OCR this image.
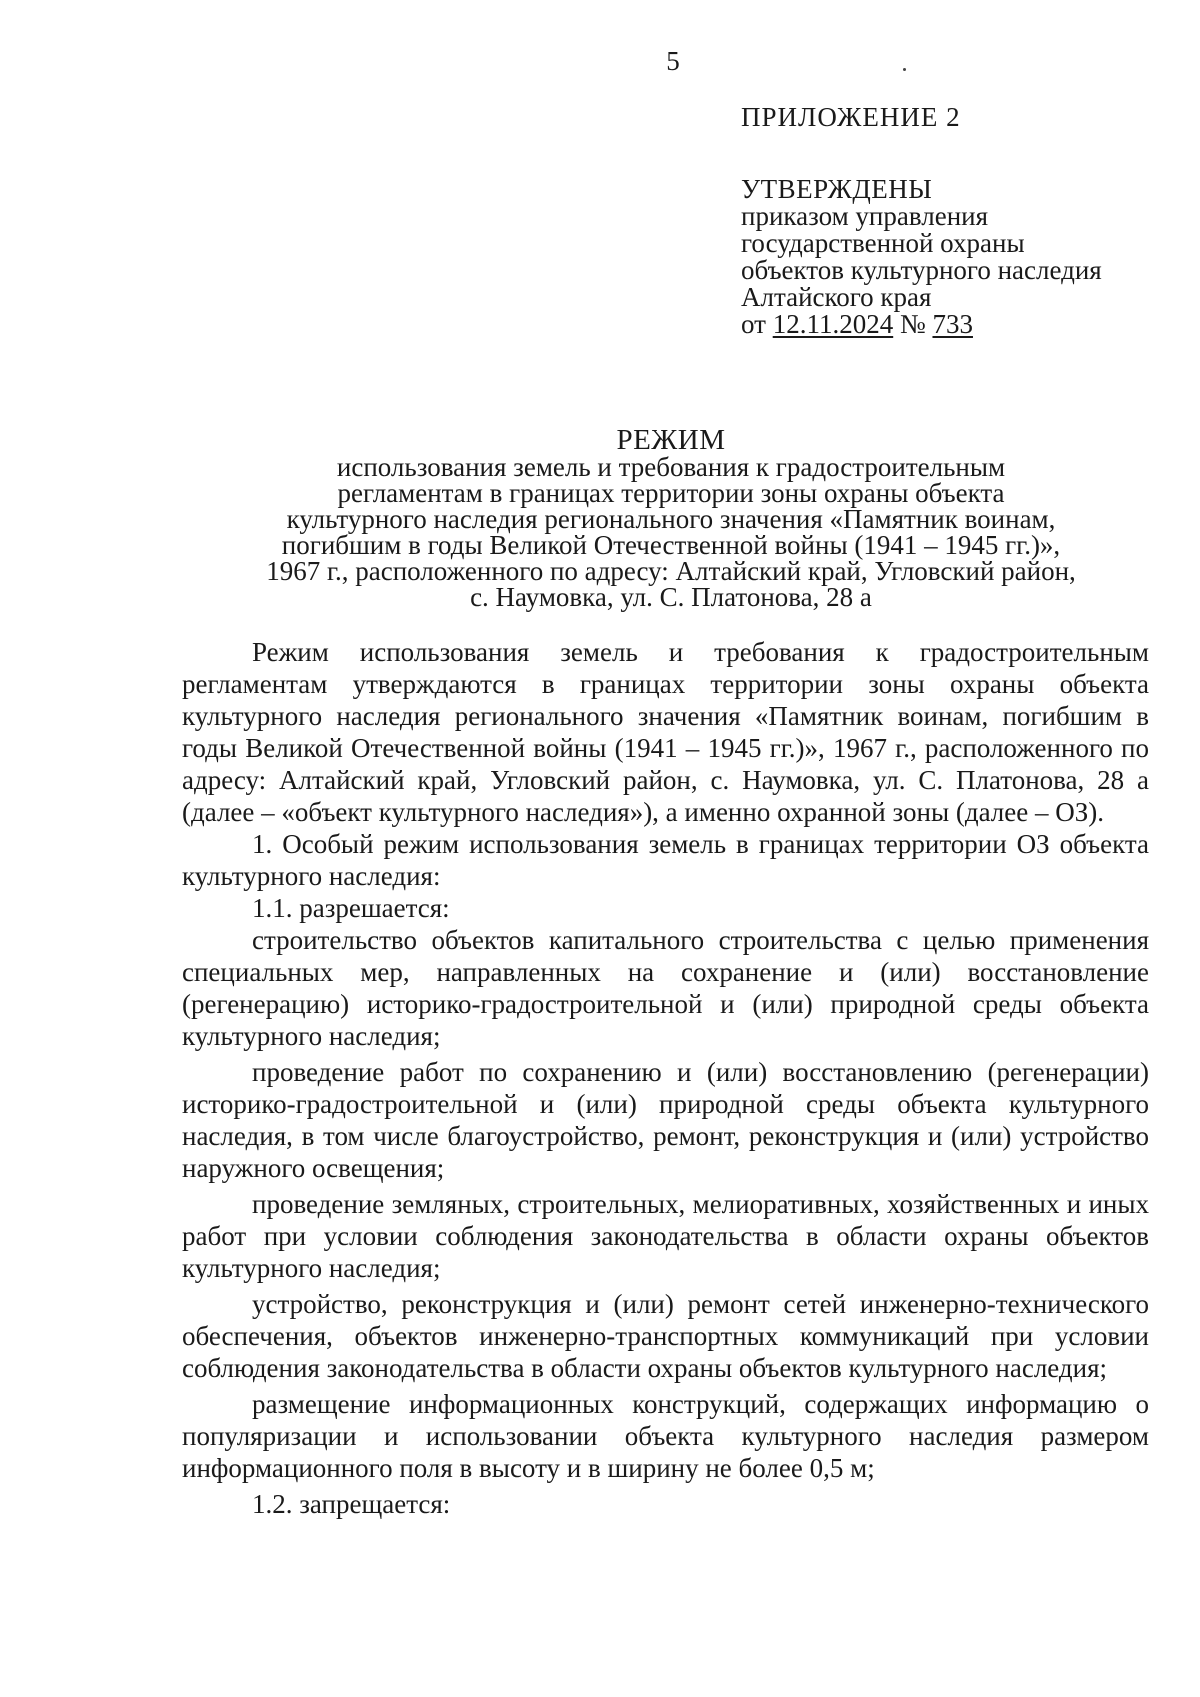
5
ПРИЛОЖЕНИЕ 2
УТВЕРЖДЕНЫ
приказом управления
государственной охраны
объектов культурного наследия
Алтайского края
от 12.11.2024 № 733
РЕЖИМ
использования земель и требования к градостроительным
регламентам в границах территории зоны охраны объекта
культурного наследия регионального значения «Памятник воинам,
погибшим в годы Великой Отечественной войны (1941 – 1945 гг.)»,
1967 г., расположенного по адресу: Алтайский край, Угловский район,
с. Наумовка, ул. С. Платонова, 28 а

Режим использования земель и требования к градостроительным регламентам утверждаются в границах территории зоны охраны объекта культурного наследия регионального значения «Памятник воинам, погибшим в годы Великой Отечественной войны (1941 – 1945 гг.)», 1967 г., расположенного по адресу: Алтайский край, Угловский район, с. Наумовка, ул. С. Платонова, 28 а (далее – «объект культурного наследия»), а именно охранной зоны (далее – ОЗ).

1. Особый режим использования земель в границах территории ОЗ объекта культурного наследия:

1.1. разрешается:

строительство объектов капитального строительства с целью применения специальных мер, направленных на сохранение и (или) восстановление (регенерацию) историко-градостроительной и (или) природной среды объекта культурного наследия;

проведение работ по сохранению и (или) восстановлению (регенерации) историко-градостроительной и (или) природной среды объекта культурного наследия, в том числе благоустройство, ремонт, реконструкция и (или) устройство наружного освещения;

проведение земляных, строительных, мелиоративных, хозяйственных и иных работ при условии соблюдения законодательства в области охраны объектов культурного наследия;

устройство, реконструкция и (или) ремонт сетей инженерно-технического обеспечения, объектов инженерно-транспортных коммуникаций при условии соблюдения законодательства в области охраны объектов культурного наследия;

размещение информационных конструкций, содержащих информацию о популяризации и использовании объекта культурного наследия размером информационного поля в высоту и в ширину не более 0,5 м;

1.2. запрещается:
